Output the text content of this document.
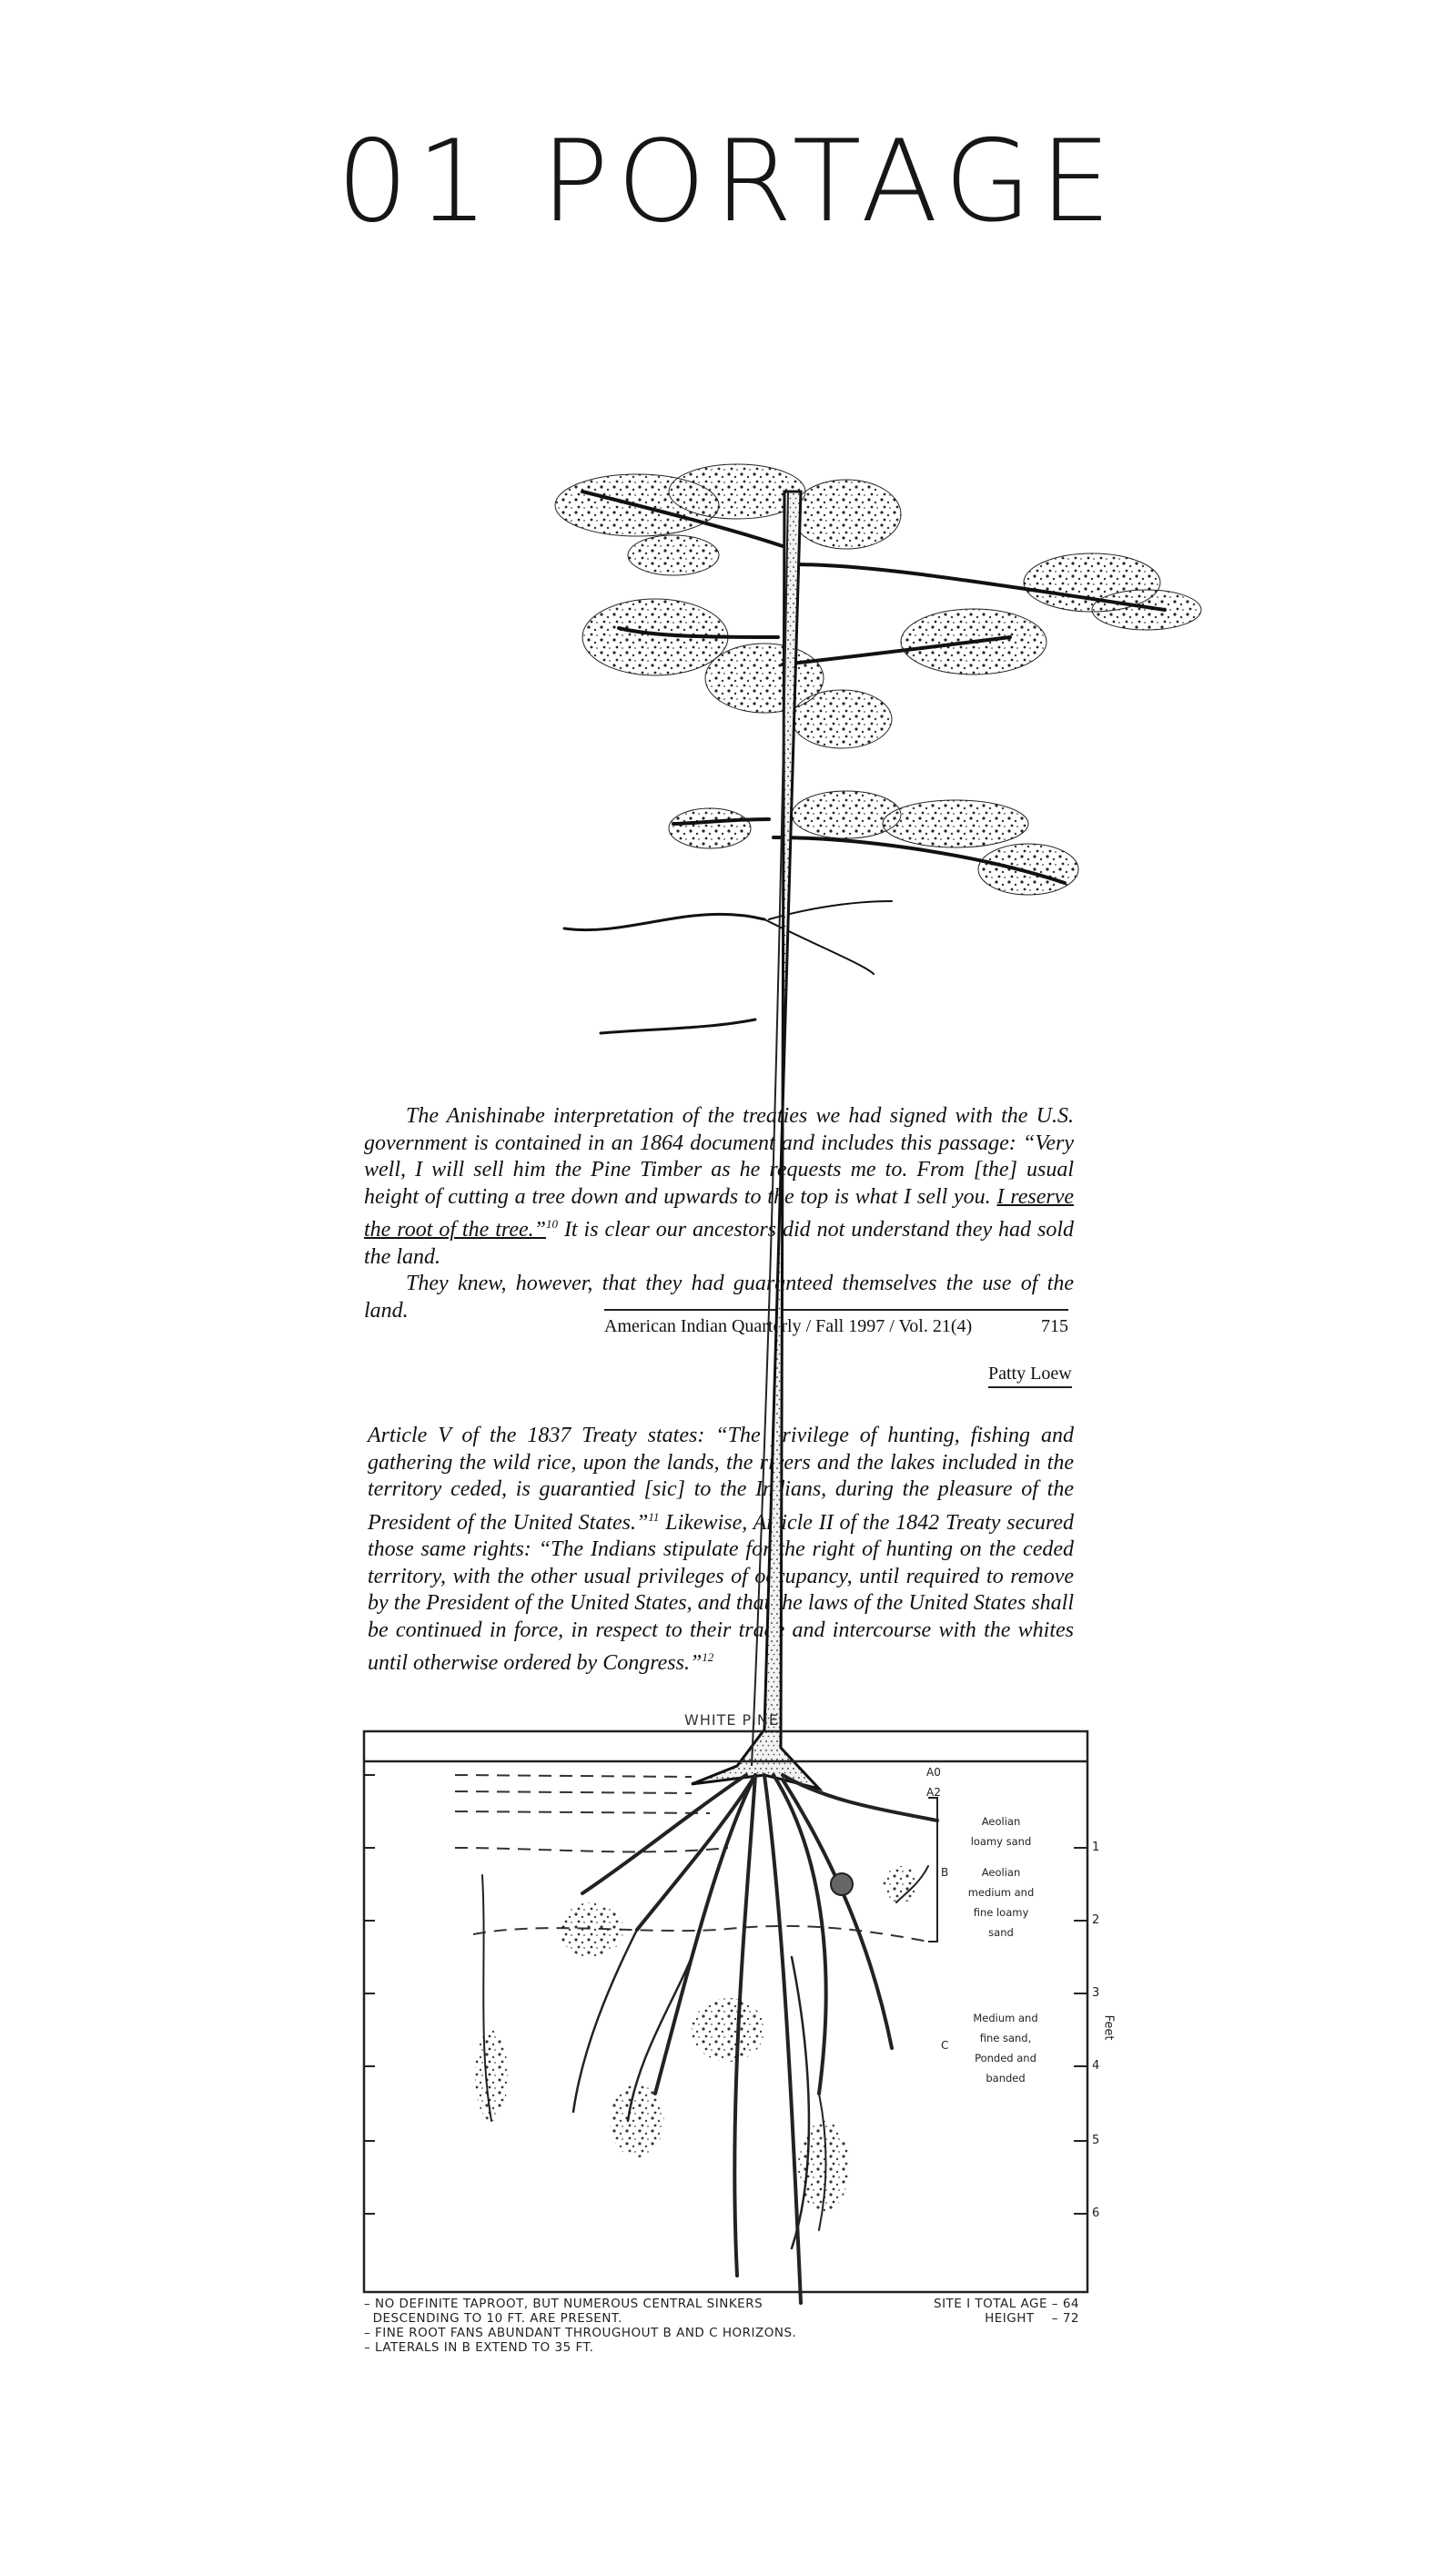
01 PORTAGE

The Anishinabe interpretation of the treaties we had signed with the U.S. government is contained in an 1864 document and includes this passage: “Very well, I will sell him the Pine Timber as he requests me to. From [the] usual height of cutting a tree down and upwards to the top is what I sell you. I reserve the root of the tree.”$^{10}$ It is clear our ancestors did not understand they had sold the land.
They knew, however, that they had guaranteed themselves the use of the land.

American Indian Quarterly / Fall 1997 / Vol. 21(4)	715
Patty Loew

Article V of the 1837 Treaty states: “The privilege of hunting, fishing and gathering the wild rice, upon the lands, the rivers and the lakes included in the territory ceded, is guarantied [sic] to the Indians, during the pleasure of the President of the United States.”$^{11}$ Likewise, Article II of the 1842 Treaty secured those same rights: “The Indians stipulate for the right of hunting on the ceded territory, with the other usual privileges of occupancy, until required to remove by the President of the United States, and that the laws of the United States shall be continued in force, in respect to their trade and intercourse with the whites until otherwise ordered by Congress.”$^{12}$

WHITE PINE
A0
A2
B
C
Aeolian loamy sand
Aeolian medium and fine loamy sand
Medium and fine sand, Ponded and banded
1
2
3
4
5
6
Feet
– NO DEFINITE TAPROOT, BUT NUMEROUS CENTRAL SINKERS
DESCENDING TO 10 FT. ARE PRESENT.
– FINE ROOT FANS ABUNDANT THROUGHOUT B AND C HORIZONS.
– LATERALS IN B EXTEND TO 35 FT.
SITE I TOTAL AGE – 64
HEIGHT    – 72
